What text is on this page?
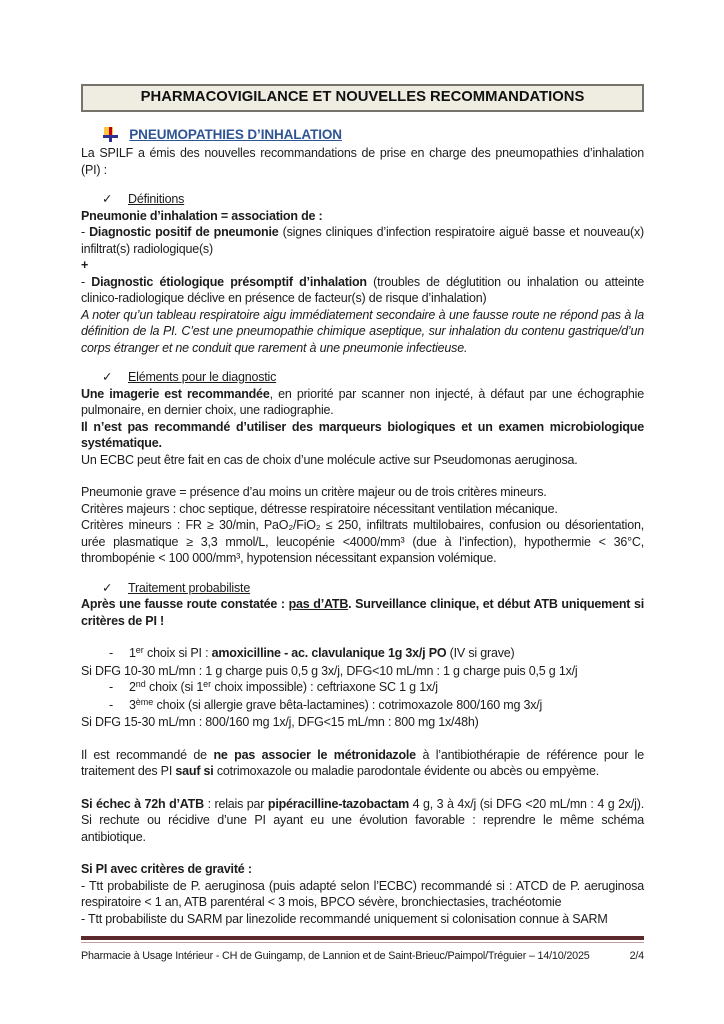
PHARMACOVIGILANCE ET NOUVELLES RECOMMANDATIONS
PNEUMOPATHIES D’INHALATION

La SPILF a émis des nouvelles recommandations de prise en charge des pneumopathies d’inhalation (PI) :

✓ Définitions

Pneumonie d’inhalation = association de :

- Diagnostic positif de pneumonie (signes cliniques d’infection respiratoire aiguë basse et nouveau(x) infiltrat(s) radiologique(s)

+

- Diagnostic étiologique présomptif d’inhalation (troubles de déglutition ou inhalation ou atteinte clinico-radiologique déclive en présence de facteur(s) de risque d’inhalation)

A noter qu’un tableau respiratoire aigu immédiatement secondaire à une fausse route ne répond pas à la définition de la PI. C’est une pneumopathie chimique aseptique, sur inhalation du contenu gastrique/d’un corps étranger et ne conduit que rarement à une pneumonie infectieuse.

✓ Eléments pour le diagnostic

Une imagerie est recommandée, en priorité par scanner non injecté, à défaut par une échographie pulmonaire, en dernier choix, une radiographie.

Il n’est pas recommandé d’utiliser des marqueurs biologiques et un examen microbiologique systématique.

Un ECBC peut être fait en cas de choix d’une molécule active sur Pseudomonas aeruginosa.

Pneumonie grave = présence d’au moins un critère majeur ou de trois critères mineurs.

Critères majeurs : choc septique, détresse respiratoire nécessitant ventilation mécanique.

Critères mineurs : FR ≥ 30/min, PaO₂/FiO₂ ≤ 250, infiltrats multilobaires, confusion ou désorientation, urée plasmatique ≥ 3,3 mmol/L, leucopénie <4000/mm³ (due à l’infection), hypothermie < 36°C, thrombopénie < 100 000/mm³, hypotension nécessitant expansion volémique.

✓ Traitement probabiliste

Après une fausse route constatée : pas d’ATB. Surveillance clinique, et début ATB uniquement si critères de PI !

- 1er choix si PI : amoxicilline - ac. clavulanique 1g 3x/j PO (IV si grave)
Si DFG 10-30 mL/mn : 1 g charge puis 0,5 g 3x/j, DFG<10 mL/mn : 1 g charge puis 0,5 g 1x/j
- 2nd choix (si 1er choix impossible) : ceftriaxone SC 1 g 1x/j
- 3ème choix (si allergie grave bêta-lactamines) : cotrimoxazole 800/160 mg 3x/j
Si DFG 15-30 mL/mn : 800/160 mg 1x/j, DFG<15 mL/mn : 800 mg 1x/48h)

Il est recommandé de ne pas associer le métronidazole à l’antibiothérapie de référence pour le traitement des PI sauf si cotrimoxazole ou maladie parodontale évidente ou abcès ou empyème.

Si échec à 72h d’ATB : relais par pipéracilline-tazobactam 4 g, 3 à 4x/j (si DFG <20 mL/mn : 4 g 2x/j). Si rechute ou récidive d’une PI ayant eu une évolution favorable : reprendre le même schéma antibiotique.

Si PI avec critères de gravité :

- Ttt probabiliste de P. aeruginosa (puis adapté selon l’ECBC) recommandé si : ATCD de P. aeruginosa respiratoire < 1 an, ATB parentéral < 3 mois, BPCO sévère, bronchiectasies, trachéotomie

- Ttt probabiliste du SARM par linezolide recommandé uniquement si colonisation connue à SARM

Pharmacie à Usage Intérieur - CH de Guingamp, de Lannion et de Saint-Brieuc/Paimpol/Tréguier – 14/10/2025	2/4
